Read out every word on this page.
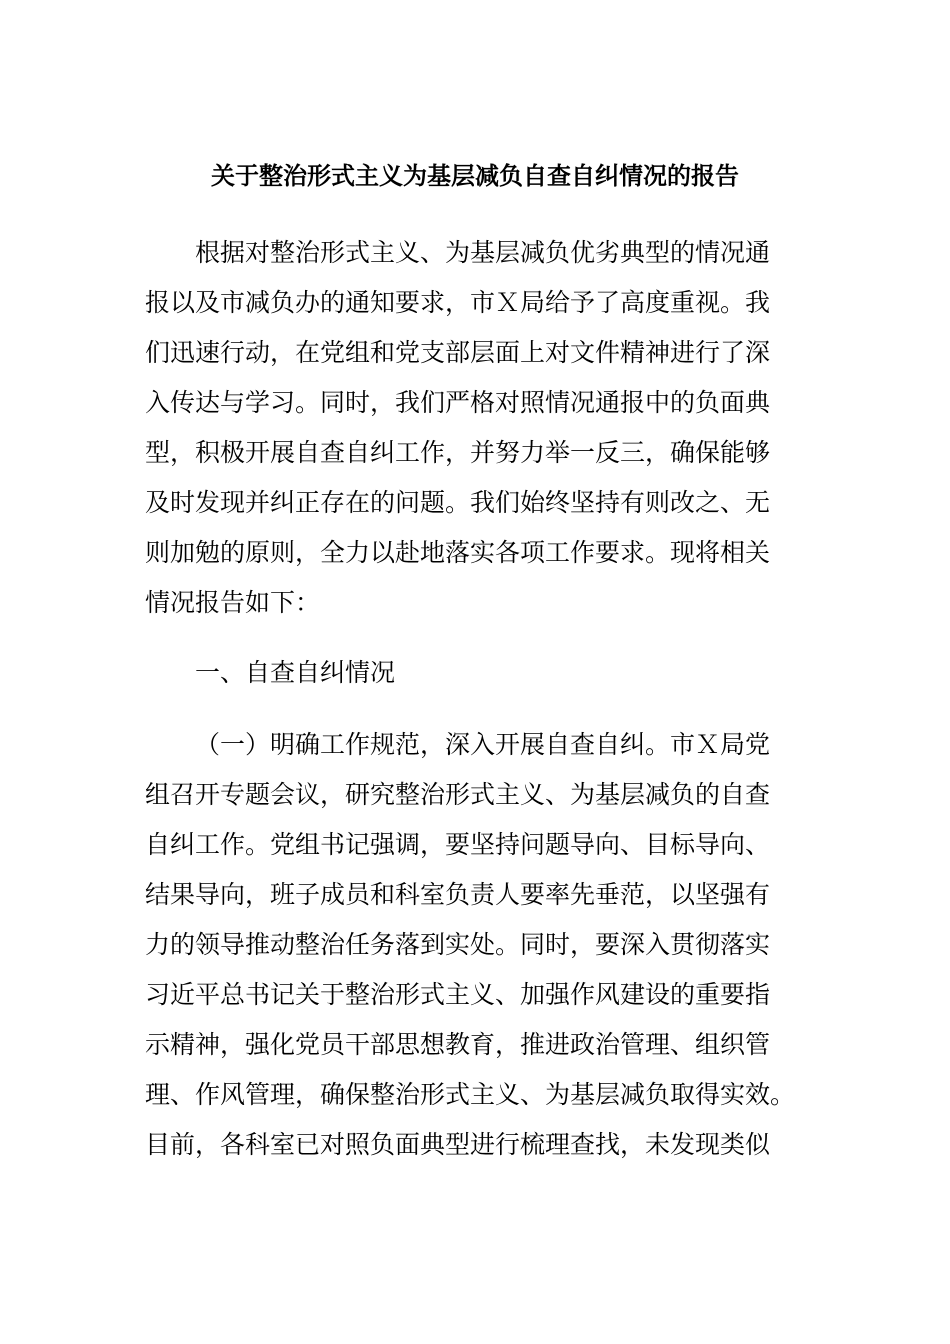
关于整治形式主义为基层减负自查自纠情况的报告
根据对整治形式主义、为基层减负优劣典型的情况通
报以及市减负办的通知要求，市Ｘ局给予了高度重视。我
们迅速行动，在党组和党支部层面上对文件精神进行了深
入传达与学习。同时，我们严格对照情况通报中的负面典
型，积极开展自查自纠工作，并努力举一反三，确保能够
及时发现并纠正存在的问题。我们始终坚持有则改之、无
则加勉的原则，全力以赴地落实各项工作要求。现将相关
情况报告如下：
一、自查自纠情况
（一）明确工作规范，深入开展自查自纠。市Ｘ局党
组召开专题会议，研究整治形式主义、为基层减负的自查
自纠工作。党组书记强调，要坚持问题导向、目标导向、
结果导向，班子成员和科室负责人要率先垂范，以坚强有
力的领导推动整治任务落到实处。同时，要深入贯彻落实
习近平总书记关于整治形式主义、加强作风建设的重要指
示精神，强化党员干部思想教育，推进政治管理、组织管
理、作风管理，确保整治形式主义、为基层减负取得实效。
目前，各科室已对照负面典型进行梳理查找，未发现类似
